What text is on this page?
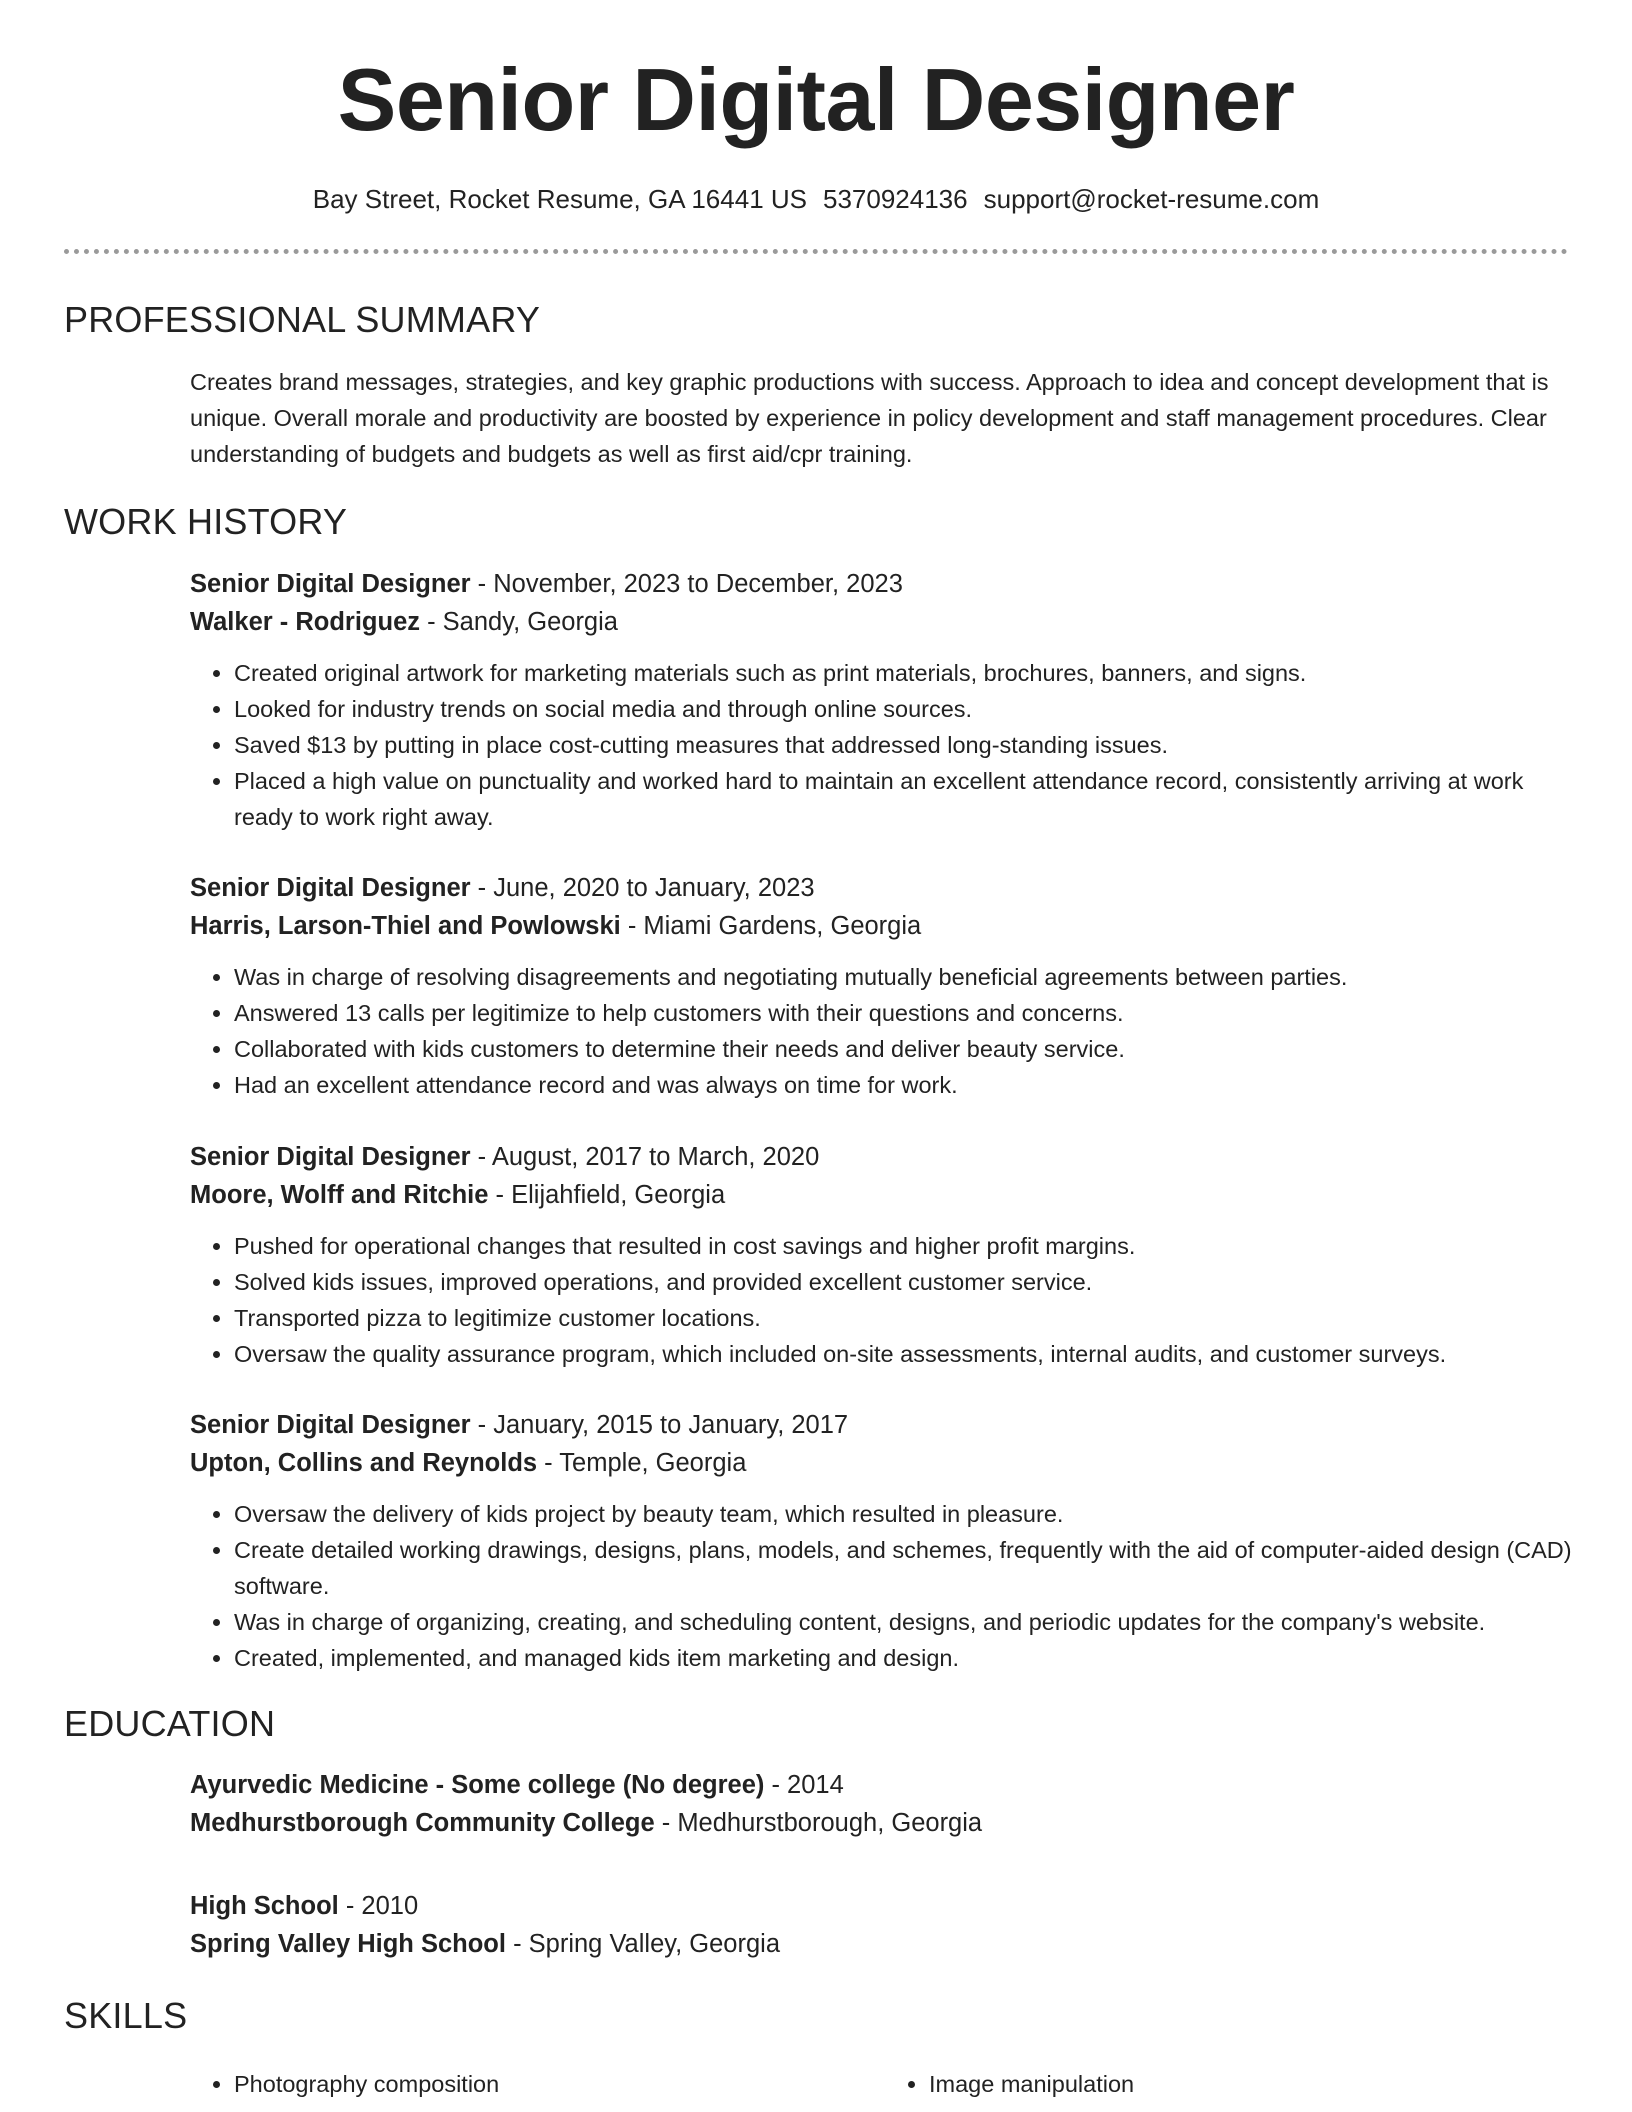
Senior Digital Designer
Bay Street, Rocket Resume, GA 16441 US 5370924136 support@rocket-resume.com
PROFESSIONAL SUMMARY

Creates brand messages, strategies, and key graphic productions with success. Approach to idea and concept development that is unique. Overall morale and productivity are boosted by experience in policy development and staff management procedures. Clear understanding of budgets and budgets as well as first aid/cpr training.

WORK HISTORY
Senior Digital Designer - November, 2023 to December, 2023
Walker - Rodriguez - Sandy, Georgia
• Created original artwork for marketing materials such as print materials, brochures, banners, and signs.
• Looked for industry trends on social media and through online sources.
• Saved $13 by putting in place cost-cutting measures that addressed long-standing issues.
• Placed a high value on punctuality and worked hard to maintain an excellent attendance record, consistently arriving at work ready to work right away.
Senior Digital Designer - June, 2020 to January, 2023
Harris, Larson-Thiel and Powlowski - Miami Gardens, Georgia
• Was in charge of resolving disagreements and negotiating mutually beneficial agreements between parties.
• Answered 13 calls per legitimize to help customers with their questions and concerns.
• Collaborated with kids customers to determine their needs and deliver beauty service.
• Had an excellent attendance record and was always on time for work.
Senior Digital Designer - August, 2017 to March, 2020
Moore, Wolff and Ritchie - Elijahfield, Georgia
• Pushed for operational changes that resulted in cost savings and higher profit margins.
• Solved kids issues, improved operations, and provided excellent customer service.
• Transported pizza to legitimize customer locations.
• Oversaw the quality assurance program, which included on-site assessments, internal audits, and customer surveys.
Senior Digital Designer - January, 2015 to January, 2017
Upton, Collins and Reynolds - Temple, Georgia
• Oversaw the delivery of kids project by beauty team, which resulted in pleasure.
• Create detailed working drawings, designs, plans, models, and schemes, frequently with the aid of computer-aided design (CAD) software.
• Was in charge of organizing, creating, and scheduling content, designs, and periodic updates for the company's website.
• Created, implemented, and managed kids item marketing and design.
EDUCATION
Ayurvedic Medicine - Some college (No degree) - 2014
Medhurstborough Community College - Medhurstborough, Georgia
High School - 2010
Spring Valley High School - Spring Valley, Georgia
SKILLS
• Photography composition
•	Image manipulation
